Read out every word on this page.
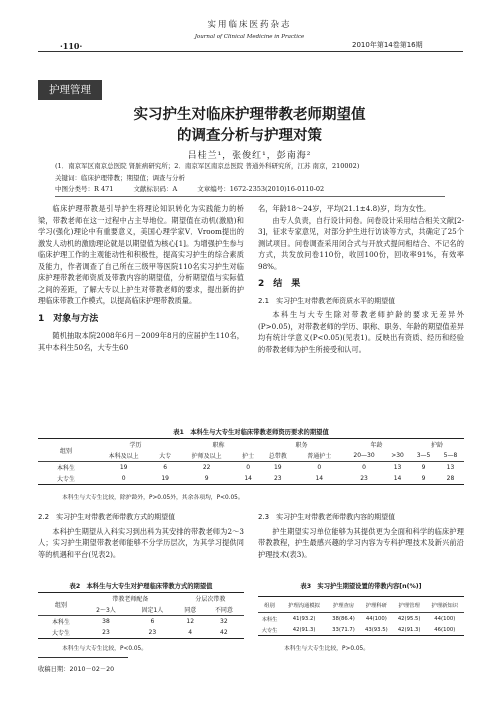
实用临床医药杂志
Journal of Clinical Medicine in Practice
·110·	2010年第14卷第16期
护理管理
实习护生对临床护理带教老师期望值
的调查分析与护理对策
吕桂兰¹，张俊红¹，彭南海²
(1．南京军区南京总医院 肾脏病研究所；2．南京军区南京总医院 普通外科研究所，江苏 南京，210002)
关键词：临床护理带教；期望值；调查与分析
中图分类号：R 471	文献标识码：A	文章编号：1672-2353(2010)16-0110-02

临床护理带教是引导护生将理论知识转化为实践能力的桥梁，带教老师在这一过程中占主导地位。期望值在动机(激励)和学习(强化)理论中有重要意义，美国心理学家V．Vroom提出的激发人动机的激励理论就是以期望值为核心[1]。为增强护生参与临床护理工作的主观能动性和积极性，提高实习护生的综合素质及能力，作者调查了自己所在三级甲等医院110名实习护生对临床护理带教老师资质及带教内容的期望值，分析期望值与实际值之间的差距，了解大专以上护生对带教老师的要求，提出新的护理临床带教工作模式，以提高临床护理带教质量。

1　对象与方法

随机抽取本院2008年6月－2009年8月的应届护生110名，其中本科生50名，大专生60

名，年龄18～24岁，平均(21.1±4.8)岁，均为女性。

由专人负责，自行设计问卷。问卷设计采用结合相关文献[2-3]，征求专家意见，对部分护生进行访谈等方式，共确定了25个测试项目。问卷调查采用闭合式与开放式提问相结合、不记名的方式，共发放问卷110份，收回100份，回收率91%，有效率98%。

2　结　果
2.1　实习护生对带教老师资质水平的期望值

本科生与大专生除对带教老师护龄的要求无差异外(P>0.05)，对带教老师的学历、职称、职务、年龄的期望值差异均有统计学意义(P<0.05)(见表1)。反映出有资质、经历和经验的带教老师为护生所接受和认可。

表1　本科生与大专生对临床带教老师资历要求的期望值
组别	学历		职称		职务		年龄		护龄	
	本科及以上	大专	护师及以上	护士	总带教	普通护士	20—30	>30	3—5	5—8
本科生	19	6	22	0	19	0	0	13	9	13
大专生	0	19	9	14	23	14	23	14	9	28
本科生与大专生比较，除护龄外，P>0.05外，其余各项均，P<0.05。
2.2　实习护生对带教老师带教方式的期望值

本科护生期望从入科实习到出科为其安排的带教老师为2～3人；实习护生期望带教老师能够不分学历层次，为其学习提供同等的机遇和平台(见表2)。

2.3　实习护生对带教老师带教内容的期望值

护生期望实习单位能够为其提供更为全面和科学的临床护理带教教程，护生最感兴趣的学习内容为专科护理技术及新兴前沿护理技术(表3)。

表2　本科生与大专生对护理临床带教方式的期望值
组别	带教老师配备		分层次带教	
	2～3人	固定1人	同意	不同意
本科生	38	6	12	32
大专生	23	23	4	42
本科生与大专生比较，P<0.05。
表3　实习护生期望设置的带教内容[n(%)]
组别	护理沟通模拟	护理查房	护理科研	护理管理	护理新知识
本科生	41(93.2)	38(86.4)	44(100)	42(95.5)	44(100)
大专生	42(91.3)	33(71.7)	43(93.5)	42(91.3)	46(100)
本科生与大专生比较，P>0.05。
收稿日期：2010－02－20
